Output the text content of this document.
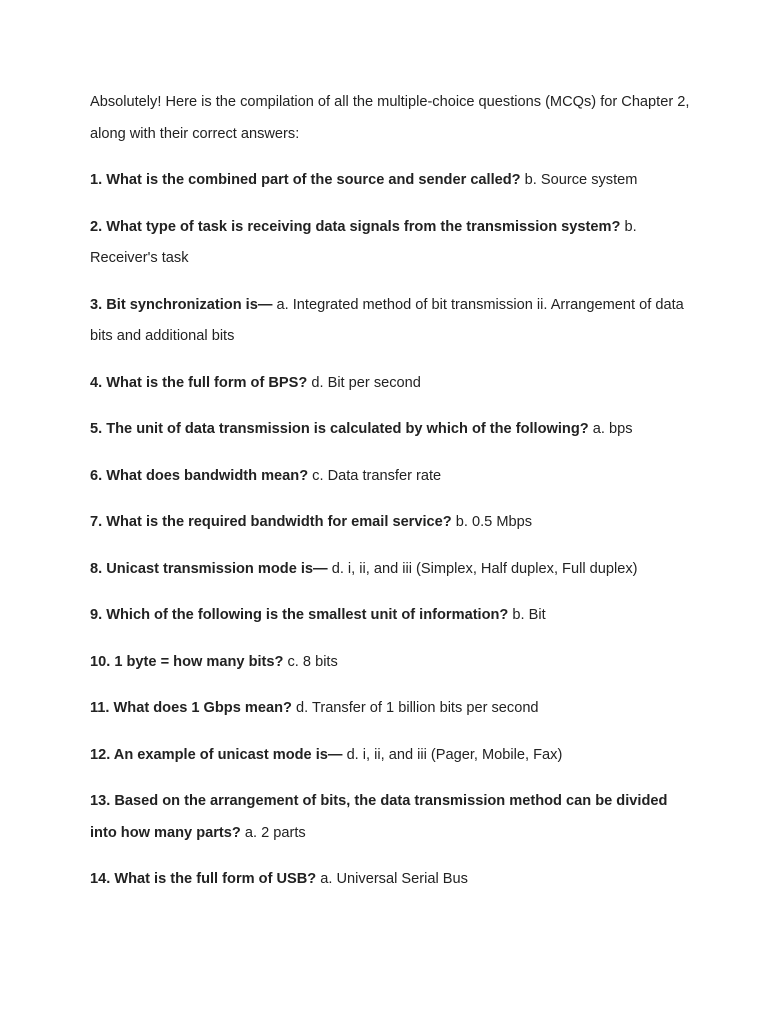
Absolutely! Here is the compilation of all the multiple-choice questions (MCQs) for Chapter 2, along with their correct answers:

1. What is the combined part of the source and sender called? b. Source system

2. What type of task is receiving data signals from the transmission system? b. Receiver's task

3. Bit synchronization is— a. Integrated method of bit transmission ii. Arrangement of data bits and additional bits

4. What is the full form of BPS? d. Bit per second

5. The unit of data transmission is calculated by which of the following? a. bps

6. What does bandwidth mean? c. Data transfer rate

7. What is the required bandwidth for email service? b. 0.5 Mbps

8. Unicast transmission mode is— d. i, ii, and iii (Simplex, Half duplex, Full duplex)

9. Which of the following is the smallest unit of information? b. Bit

10. 1 byte = how many bits? c. 8 bits

11. What does 1 Gbps mean? d. Transfer of 1 billion bits per second

12. An example of unicast mode is— d. i, ii, and iii (Pager, Mobile, Fax)

13. Based on the arrangement of bits, the data transmission method can be divided into how many parts? a. 2 parts

14. What is the full form of USB? a. Universal Serial Bus
